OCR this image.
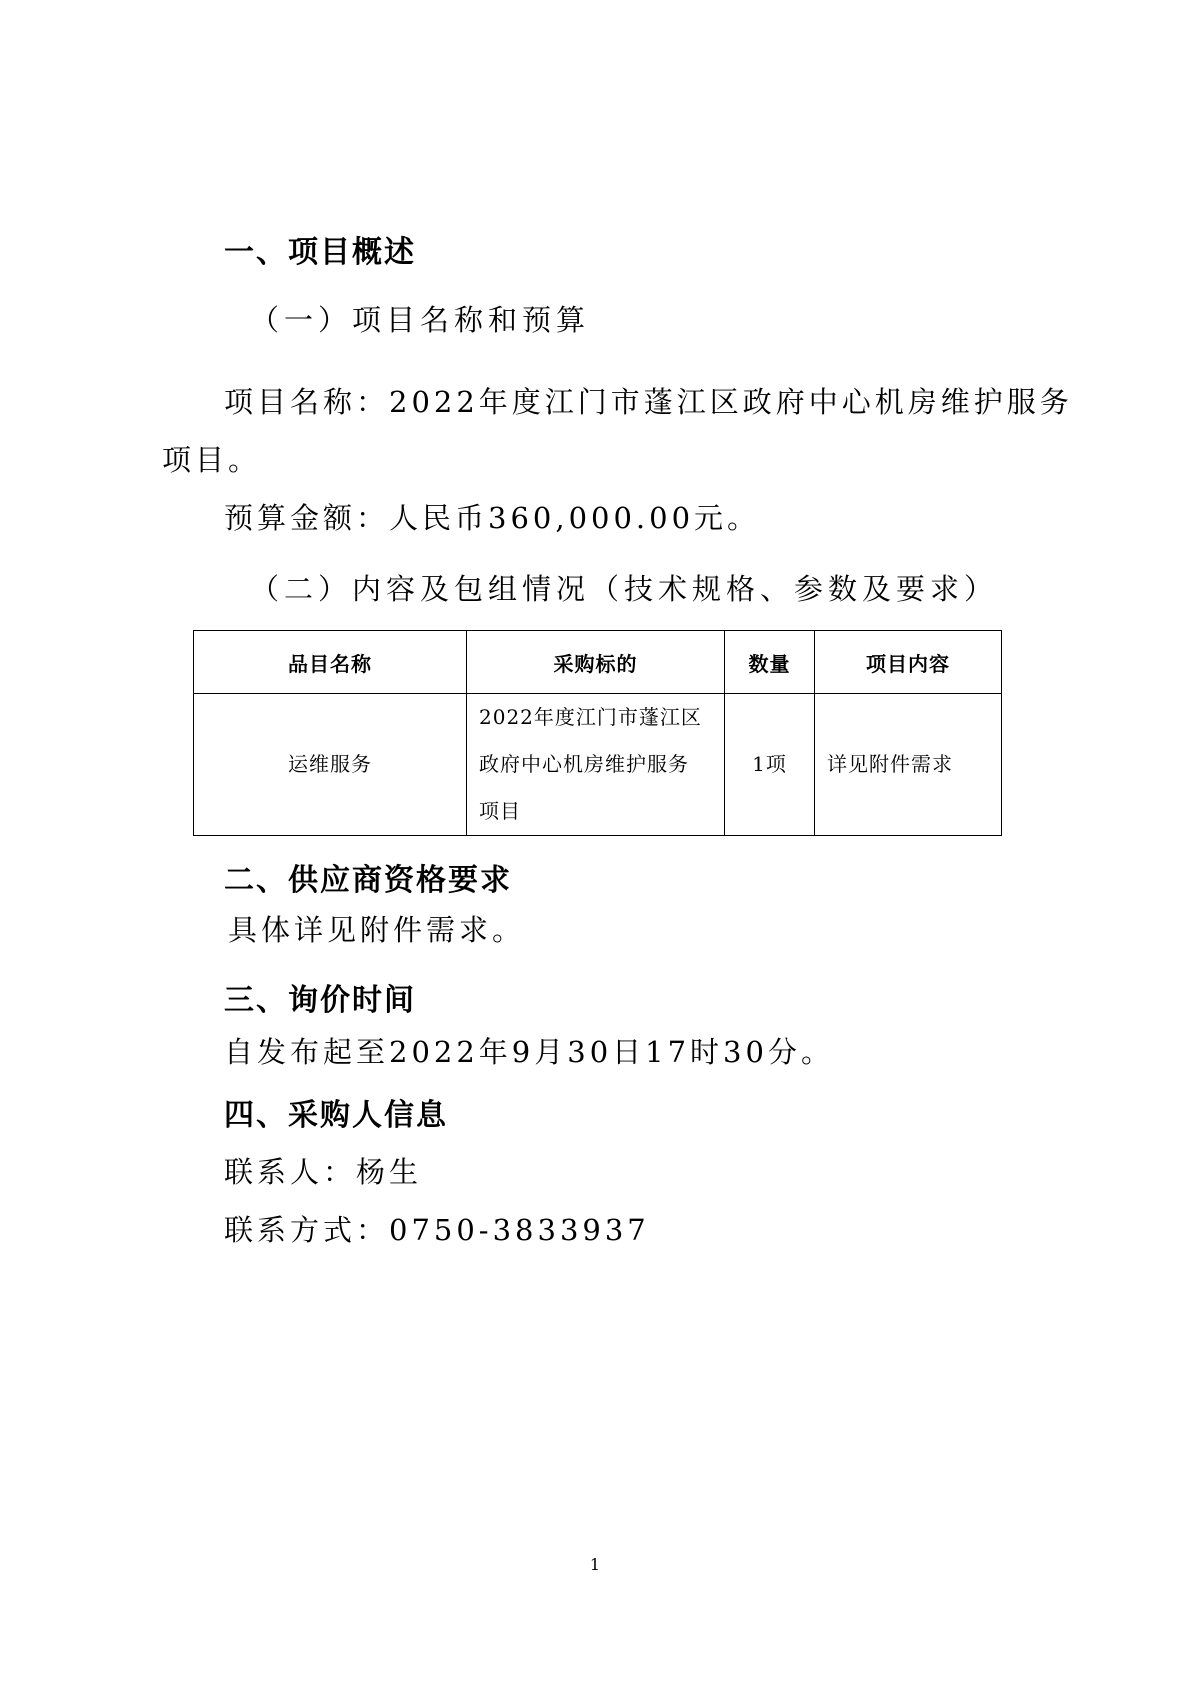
一、项目概述

（一）项目名称和预算

项目名称：2022年度江门市蓬江区政府中心机房维护服务

项目。

预算金额：人民币360,000.00元。

（二）内容及包组情况（技术规格、参数及要求）

品目名称	采购标的	数量	项目内容
运维服务	2022年度江门市蓬江区
政府中心机房维护服务
项目	1项	详见附件需求
二、供应商资格要求

具体详见附件需求。

三、询价时间

自发布起至2022年9月30日17时30分。

四、采购人信息

联系人：杨生

联系方式：0750-3833937

1
